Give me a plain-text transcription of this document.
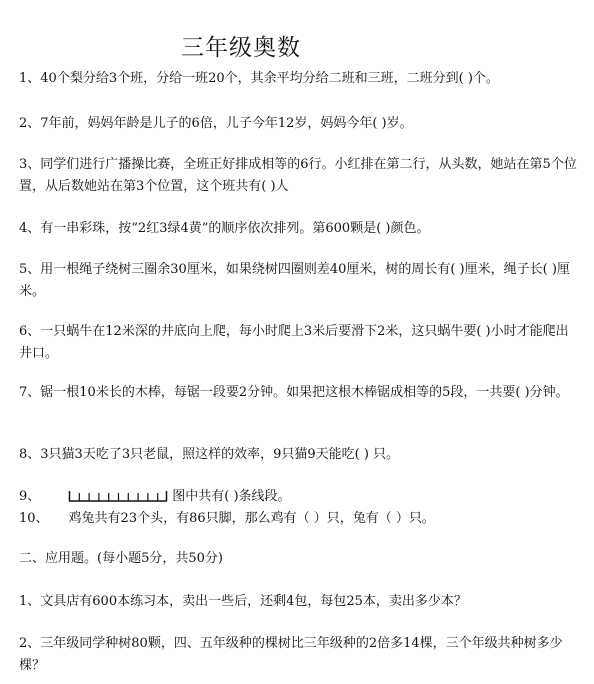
三年级奥数
1、40个梨分给3个班，分给一班20个，其余平均分给二班和三班，二班分到( )个。
2、7年前，妈妈年龄是儿子的6倍，儿子今年12岁，妈妈今年( )岁。
3、同学们进行广播操比赛，全班正好排成相等的6行。小红排在第二行，从头数，她站在第5个位置，从后数她站在第3个位置，这个班共有( )人
4、有一串彩珠，按“2红3绿4黄”的顺序依次排列。第600颗是( )颜色。
5、用一根绳子绕树三圈余30厘米，如果绕树四圈则差40厘米，树的周长有( )厘米，绳子长( )厘米。
6、一只蜗牛在12米深的井底向上爬，每小时爬上3米后要滑下2米，这只蜗牛要( )小时才能爬出井口。
7、锯一根10米长的木棒，每锯一段要2分钟。如果把这根木棒锯成相等的5段，一共要( )分钟。
8、3只猫3天吃了3只老鼠，照这样的效率，9只猫9天能吃( ) 只。
9、	图中共有( )条线段。
10、 鸡兔共有23个头，有86只脚，那么鸡有（ ）只，兔有（ ）只。
二、应用题。(每小题5分，共50分)
1、文具店有600本练习本，卖出一些后，还剩4包，每包25本，卖出多少本？
2、三年级同学种树80颗，四、五年级种的棵树比三年级种的2倍多14棵，三个年级共种树多少棵？
